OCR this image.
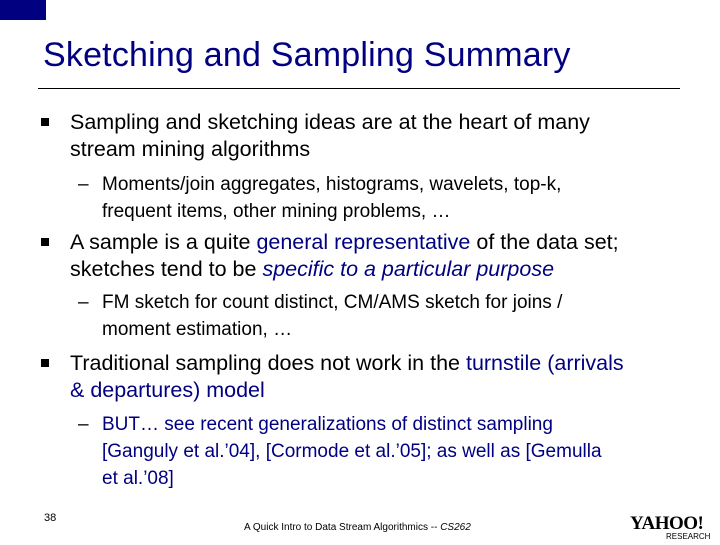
Sketching and Sampling Summary
Sampling and sketching ideas are at the heart of many
stream mining algorithms
– Moments/join aggregates, histograms, wavelets, top-k,
frequent items, other mining problems, …
A sample is a quite general representative of the data set;
sketches tend to be specific to a particular purpose
– FM sketch for count distinct, CM/AMS sketch for joins /
moment estimation, …
Traditional sampling does not work in the turnstile (arrivals
& departures) model
– BUT… see recent generalizations of distinct sampling
[Ganguly et al.’04], [Cormode et al.’05]; as well as [Gemulla
et al.’08]
38
A Quick Intro to Data Stream Algorithmics -- CS262	YAHOO!
RESEARCH
